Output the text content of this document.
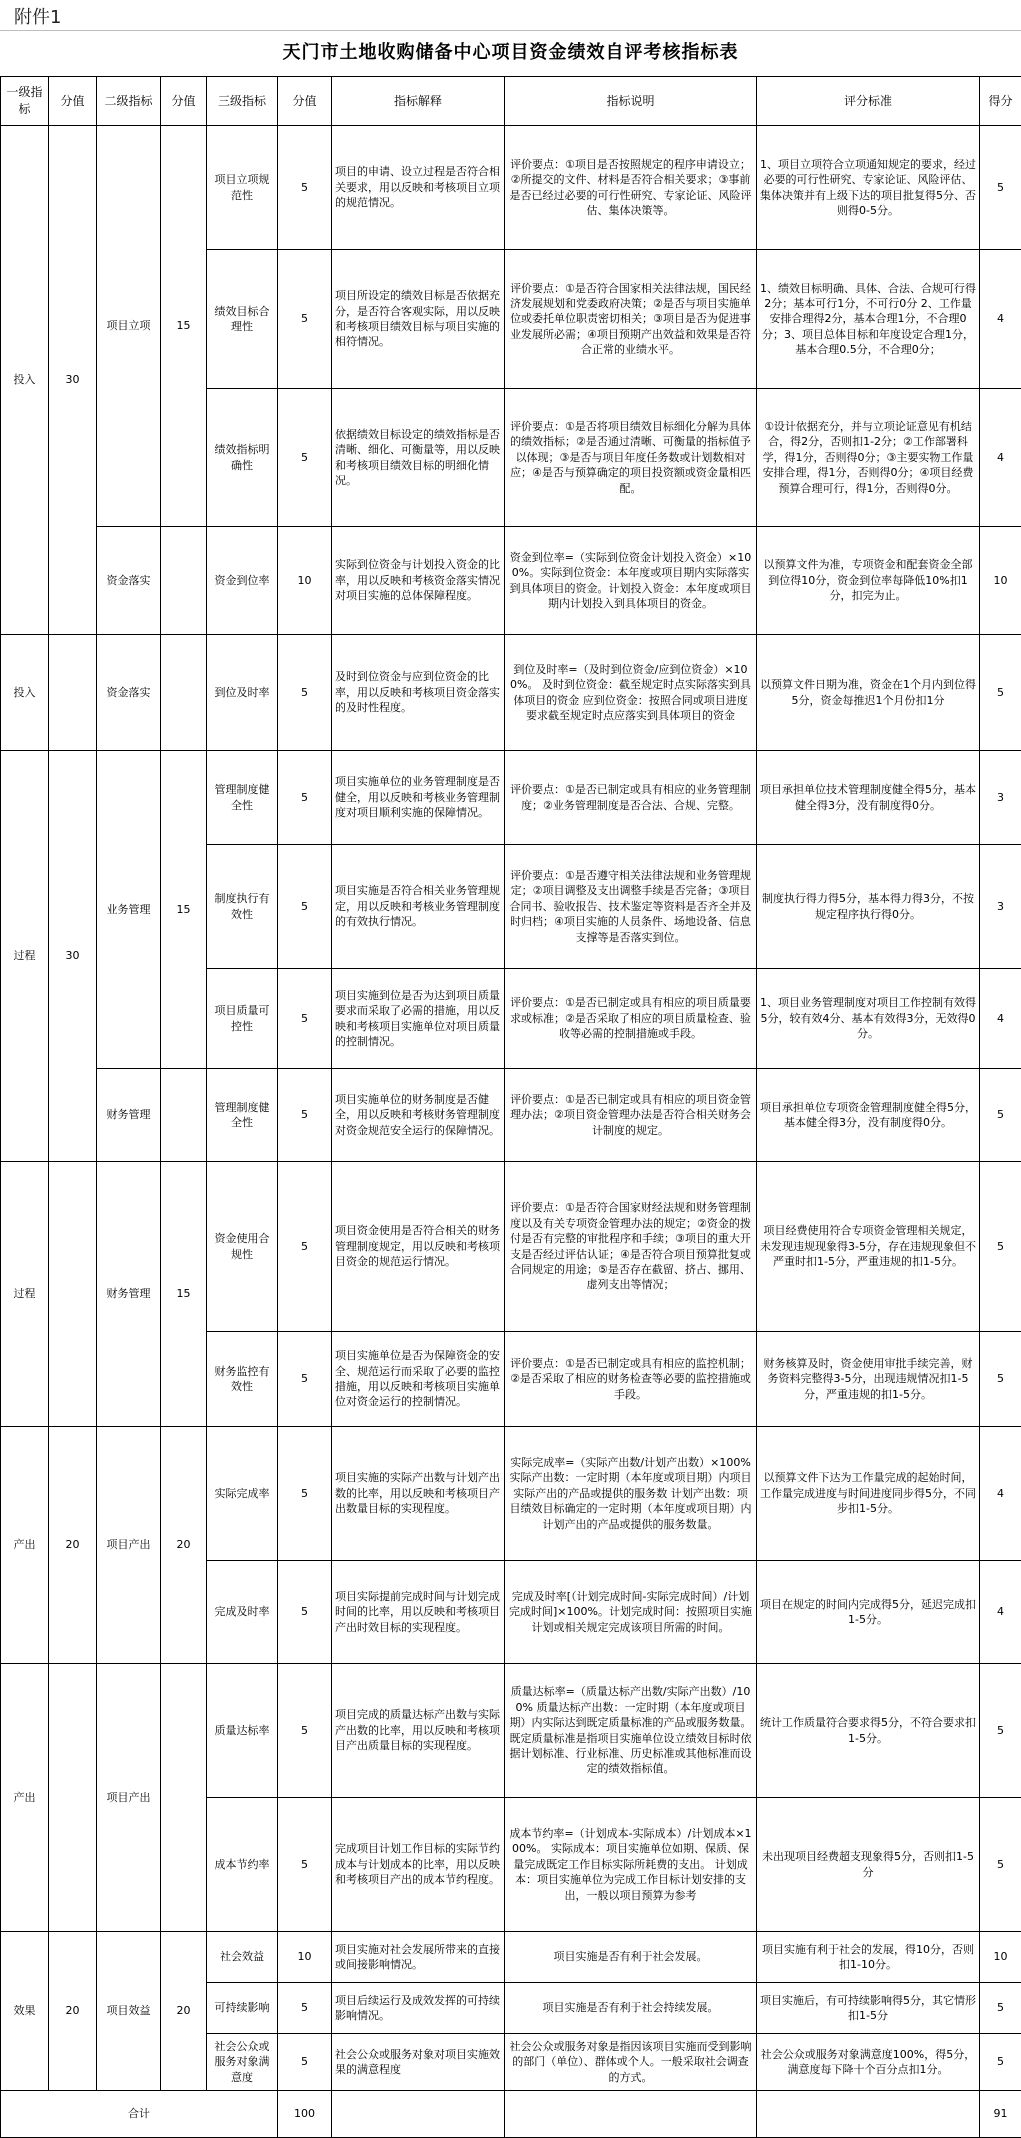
附件1
天门市土地收购储备中心项目资金绩效自评考核指标表
一级指标	分值	二级指标	分值	三级指标	分值	指标解释	指标说明	评分标准	得分
投入	30	项目立项	15	项目立项规范性	5	项目的申请、设立过程是否符合相关要求，用以反映和考核项目立项的规范情况。	评价要点：①项目是否按照规定的程序申请设立；②所提交的文件、材料是否符合相关要求；③事前是否已经过必要的可行性研究、专家论证、风险评估、集体决策等。	1、项目立项符合立项通知规定的要求，经过必要的可行性研究、专家论证、风险评估、集体决策并有上级下达的项目批复得5分、否则得0-5分。	5
				绩效目标合理性	5	项目所设定的绩效目标是否依据充分，是否符合客观实际，用以反映和考核项目绩效目标与项目实施的相符情况。	评价要点：①是否符合国家相关法律法规，国民经济发展规划和党委政府决策；②是否与项目实施单位或委托单位职责密切相关；③项目是否为促进事业发展所必需；④项目预期产出效益和效果是否符合正常的业绩水平。	1、绩效目标明确、具体、合法、合规可行得2分；基本可行1分，不可行0分 2、工作量安排合理得2分，基本合理1分，不合理0分；3、项目总体目标和年度设定合理1分，基本合理0.5分，不合理0分；	4
				绩效指标明确性	5	依据绩效目标设定的绩效指标是否清晰、细化、可衡量等，用以反映和考核项目绩效目标的明细化情况。	评价要点：①是否将项目绩效目标细化分解为具体的绩效指标；②是否通过清晰、可衡量的指标值予以体现；③是否与项目年度任务数或计划数相对应；④是否与预算确定的项目投资额或资金量相匹配。	①设计依据充分，并与立项论证意见有机结合，得2分，否则扣1-2分；②工作部署科学，得1分，否则得0分；③主要实物工作量安排合理，得1分，否则得0分；④项目经费预算合理可行，得1分，否则得0分。	4
		资金落实		资金到位率	10	实际到位资金与计划投入资金的比率，用以反映和考核资金落实情况对项目实施的总体保障程度。	资金到位率=（实际到位资金计划投入资金）×100%。实际到位资金：本年度或项目期内实际落实到具体项目的资金。计划投入资金：本年度或项目期内计划投入到具体项目的资金。	以预算文件为准，专项资金和配套资金全部到位得10分，资金到位率每降低10%扣1分，扣完为止。	10
投入		资金落实		到位及时率	5	及时到位资金与应到位资金的比率，用以反映和考核项目资金落实的及时性程度。	到位及时率=（及时到位资金/应到位资金）×100%。 及时到位资金：截至规定时点实际落实到具体项目的资金 应到位资金：按照合同或项目进度要求截至规定时点应落实到具体项目的资金	以预算文件日期为准，资金在1个月内到位得5分，资金每推迟1个月份扣1分	5
过程	30	业务管理	15	管理制度健全性	5	项目实施单位的业务管理制度是否健全，用以反映和考核业务管理制度对项目顺利实施的保障情况。	评价要点：①是否已制定或具有相应的业务管理制度；②业务管理制度是否合法、合规、完整。	项目承担单位技术管理制度健全得5分，基本健全得3分，没有制度得0分。	3
				制度执行有效性	5	项目实施是否符合相关业务管理规定，用以反映和考核业务管理制度的有效执行情况。	评价要点：①是否遵守相关法律法规和业务管理规定；②项目调整及支出调整手续是否完备；③项目合同书、验收报告、技术鉴定等资料是否齐全并及时归档；④项目实施的人员条件、场地设备、信息支撑等是否落实到位。	制度执行得力得5分，基本得力得3分，不按规定程序执行得0分。	3
				项目质量可控性	5	项目实施到位是否为达到项目质量要求而采取了必需的措施，用以反映和考核项目实施单位对项目质量的控制情况。	评价要点：①是否已制定或具有相应的项目质量要求或标准；②是否采取了相应的项目质量检查、验收等必需的控制措施或手段。	1、项目业务管理制度对项目工作控制有效得5分，较有效4分、基本有效得3分，无效得0分。	4
		财务管理		管理制度健全性	5	项目实施单位的财务制度是否健全，用以反映和考核财务管理制度对资金规范安全运行的保障情况。	评价要点：①是否已制定或具有相应的项目资金管理办法；②项目资金管理办法是否符合相关财务会计制度的规定。	项目承担单位专项资金管理制度健全得5分，基本健全得3分，没有制度得0分。	5
过程		财务管理	15	资金使用合规性	5	项目资金使用是否符合相关的财务管理制度规定，用以反映和考核项目资金的规范运行情况。	评价要点：①是否符合国家财经法规和财务管理制度以及有关专项资金管理办法的规定；②资金的拨付是否有完整的审批程序和手续；③项目的重大开支是否经过评估认证；④是否符合项目预算批复或合同规定的用途；⑤是否存在截留、挤占、挪用、虚列支出等情况；	项目经费使用符合专项资金管理相关规定，未发现违规现象得3-5分，存在违规现象但不严重时扣1-5分，严重违规的扣1-5分。	5
				财务监控有效性	5	项目实施单位是否为保障资金的安全、规范运行而采取了必要的监控措施，用以反映和考核项目实施单位对资金运行的控制情况。	评价要点：①是否已制定或具有相应的监控机制；②是否采取了相应的财务检查等必要的监控措施或手段。	财务核算及时，资金使用审批手续完善，财务资料完整得3-5分，出现违规情况扣1-5分，严重违规的扣1-5分。	5
产出	20	项目产出	20	实际完成率	5	项目实施的实际产出数与计划产出数的比率，用以反映和考核项目产出数量目标的实现程度。	实际完成率=（实际产出数/计划产出数）×100% 实际产出数：一定时期（本年度或项目期）内项目实际产出的产品或提供的服务数 计划产出数：项目绩效目标确定的一定时期（本年度或项目期）内计划产出的产品或提供的服务数量。	以预算文件下达为工作量完成的起始时间，工作量完成进度与时间进度同步得5分，不同步扣1-5分。	4
				完成及时率	5	项目实际提前完成时间与计划完成时间的比率，用以反映和考核项目产出时效目标的实现程度。	完成及时率[（计划完成时间-实际完成时间）/计划完成时间]×100%。计划完成时间：按照项目实施计划或相关规定完成该项目所需的时间。	项目在规定的时间内完成得5分，延迟完成扣1-5分。	4
产出		项目产出		质量达标率	5	项目完成的质量达标产出数与实际产出数的比率，用以反映和考核项目产出质量目标的实现程度。	质量达标率=（质量达标产出数/实际产出数）/100% 质量达标产出数：一定时期（本年度或项目期）内实际达到既定质量标准的产品或服务数量。 既定质量标准是指项目实施单位设立绩效目标时依据计划标准、行业标准、历史标准或其他标准而设定的绩效指标值。	统计工作质量符合要求得5分，不符合要求扣1-5分。	5
				成本节约率	5	完成项目计划工作目标的实际节约成本与计划成本的比率，用以反映和考核项目产出的成本节约程度。	成本节约率=（计划成本-实际成本）/计划成本×100%。 实际成本：项目实施单位如期、保质、保量完成既定工作目标实际所耗费的支出。 计划成本：项目实施单位为完成工作目标计划安排的支出，一般以项目预算为参考	未出现项目经费超支现象得5分，否则扣1-5分	5
效果	20	项目效益	20	社会效益	10	项目实施对社会发展所带来的直接或间接影响情况。	项目实施是否有利于社会发展。	项目实施有利于社会的发展，得10分，否则扣1-10分。	10
				可持续影响	5	项目后续运行及成效发挥的可持续影响情况。	项目实施是否有利于社会持续发展。	项目实施后，有可持续影响得5分，其它情形扣1-5分	5
				社会公众或服务对象满意度	5	社会公众或服务对象对项目实施效果的满意程度	社会公众或服务对象是指因该项目实施而受到影响的部门（单位）、群体或个人。一般采取社会调查的方式。	社会公众或服务对象满意度100%，得5分，满意度每下降十个百分点扣1分。	5
合计					100				91
